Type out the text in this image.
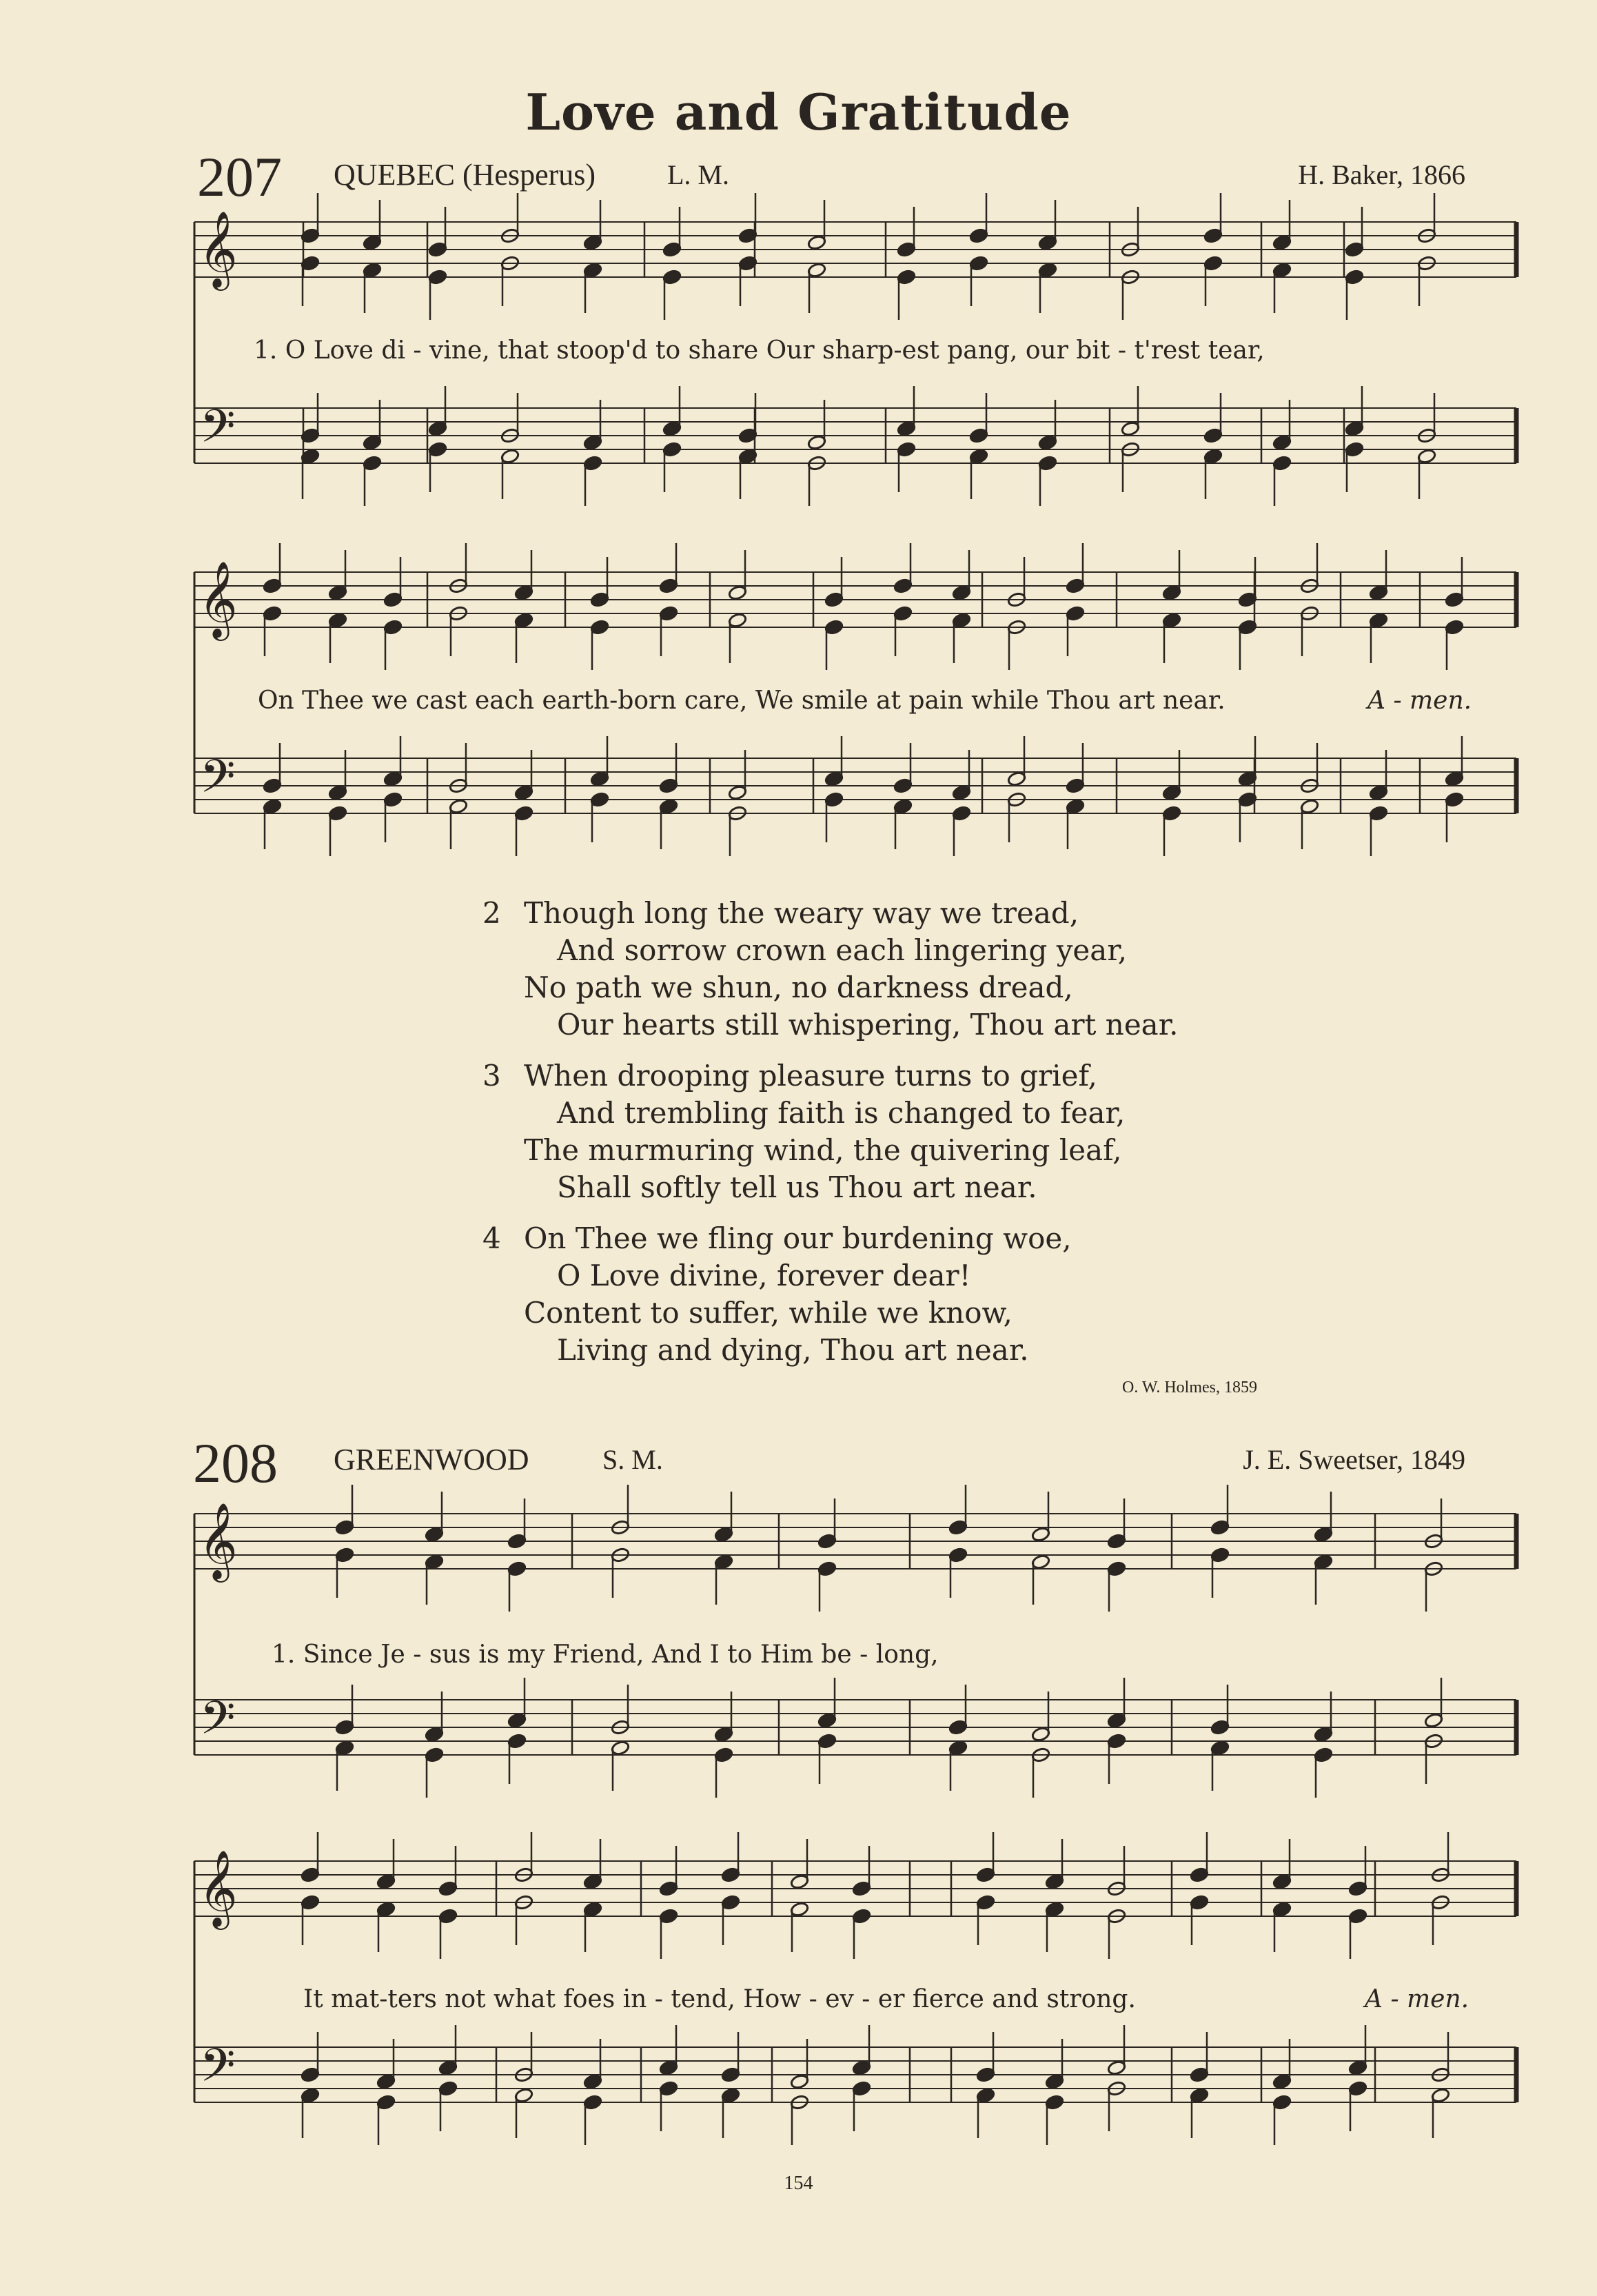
Love and Gratitude
207 QUEBEC (Hesperus)	L. M.	H. Baker, 1866
208 GREENWOOD	S. M.	J. E. Sweetser, 1849
𝄞
𝄢
𝄞
𝄢
𝄞
𝄢
𝄞
𝄢
1. O Love di - vine, that stoop'd to share Our sharp-est pang, our bit - t'rest tear,
On Thee we cast each earth-born care, We smile at pain while Thou art near.	A - men.
2 Though long the weary way we tread,
And sorrow crown each lingering year,
No path we shun, no darkness dread,
Our hearts still whispering, Thou art near.
3 When drooping pleasure turns to grief,
And trembling faith is changed to fear,
The murmuring wind, the quivering leaf,
Shall softly tell us Thou art near.
4 On Thee we fling our burdening woe,
O Love divine, forever dear!
Content to suffer, while we know,
Living and dying, Thou art near.
O. W. Holmes, 1859
1. Since Je - sus is my Friend, And I to Him be - long,
It mat-ters not what foes in - tend, How - ev - er fierce and strong.	A - men.
154
